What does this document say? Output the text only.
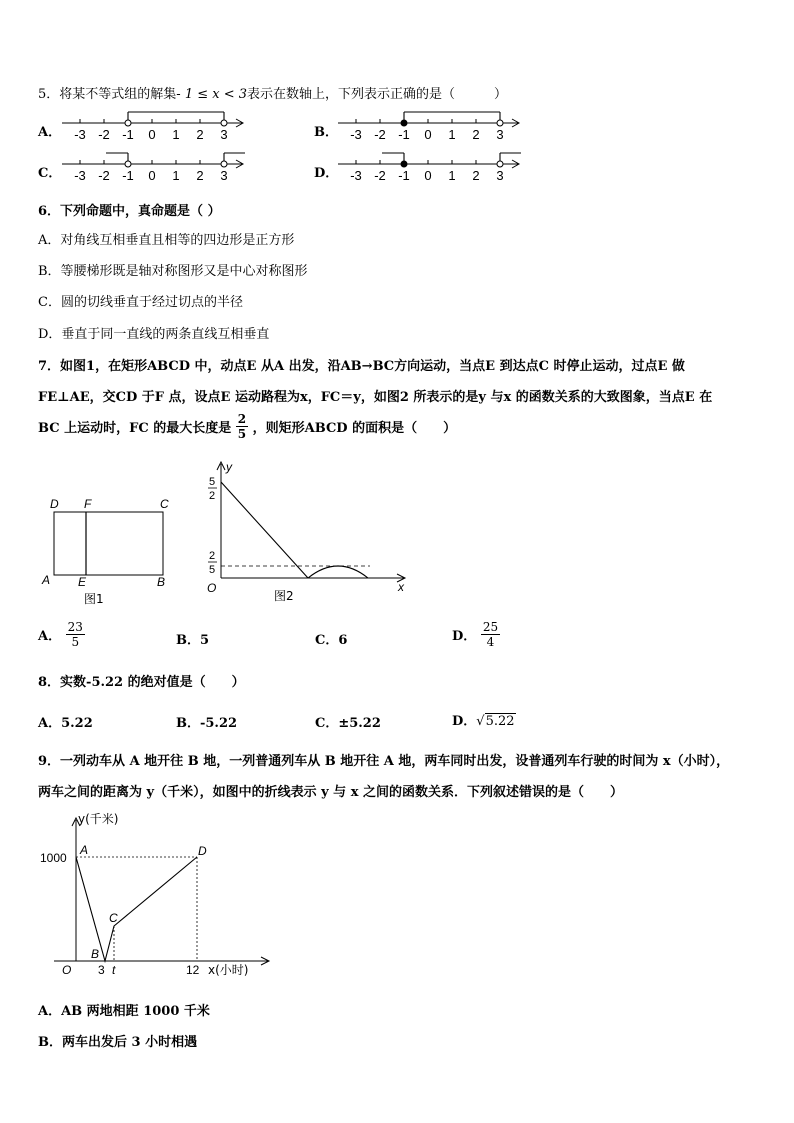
5．将某不等式组的解集- 1 ≤ x < 3表示在数轴上，下列表示正确的是（　　　）
A． -3 -2 -1 0 1 2 3	B． -3 -2 -1 0 1 2 3
C． -3 -2 -1 0 1 2 3	D． -3 -2 -1 0 1 2 3
6．下列命题中，真命题是（ ）
A．对角线互相垂直且相等的四边形是正方形
B．等腰梯形既是轴对称图形又是中心对称图形
C．圆的切线垂直于经过切点的半径
D．垂直于同一直线的两条直线互相垂直
7．如图1，在矩形ABCD 中，动点E 从A 出发，沿AB→BC方向运动，当点E 到达点C 时停止运动，过点E 做
FE⊥AE，交CD 于F 点，设点E 运动路程为x，FC＝y，如图2 所表示的是y 与x 的函数关系的大致图象，当点E 在
BC 上运动时，FC 的最大长度是 $\frac{2}{5}$ ，则矩形ABCD 的面积是（　　）
D F	C
A E	B
图1
y
x
O
5
2
2
5
图2
A． $\frac{23}{5}$	B．5	C．6	D． $\frac{25}{4}$
8．实数-5.22 的绝对值是（　　）
A．5.22	B．-5.22	C．±5.22	D．√5.22
9．一列动车从 A 地开往 B 地，一列普通列车从 B 地开往 A 地，两车同时出发，设普通列车行驶的时间为 x（小时），
两车之间的距离为 y（千米），如图中的折线表示 y 与 x 之间的函数关系．下列叙述错误的是（　　）
y(千米)
x(小时)
O
1000
3 t	12
A
B
C
D
A．AB 两地相距 1000 千米
B．两车出发后 3 小时相遇
